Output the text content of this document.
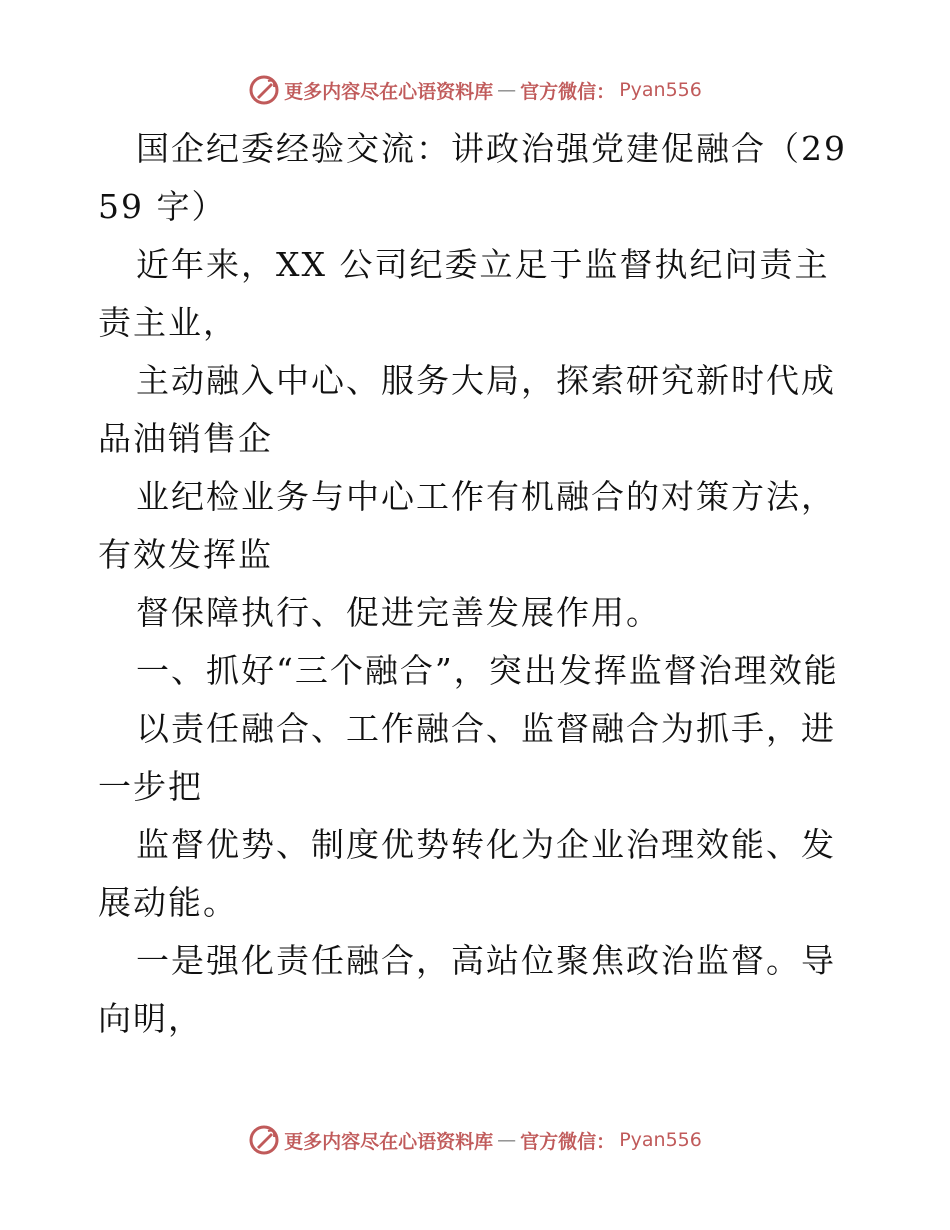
更多内容尽在心语资料库 — 官方微信： Pyan556

国企纪委经验交流：讲政治强党建促融合（2959 字）

近年来，XX 公司纪委立足于监督执纪问责主责主业，

主动融入中心、服务大局，探索研究新时代成品油销售企

业纪检业务与中心工作有机融合的对策方法，有效发挥监

督保障执行、促进完善发展作用。

一、抓好“三个融合”，突出发挥监督治理效能

以责任融合、工作融合、监督融合为抓手，进一步把

监督优势、制度优势转化为企业治理效能、发展动能。

一是强化责任融合，高站位聚焦政治监督。导向明，

更多内容尽在心语资料库 — 官方微信： Pyan556
